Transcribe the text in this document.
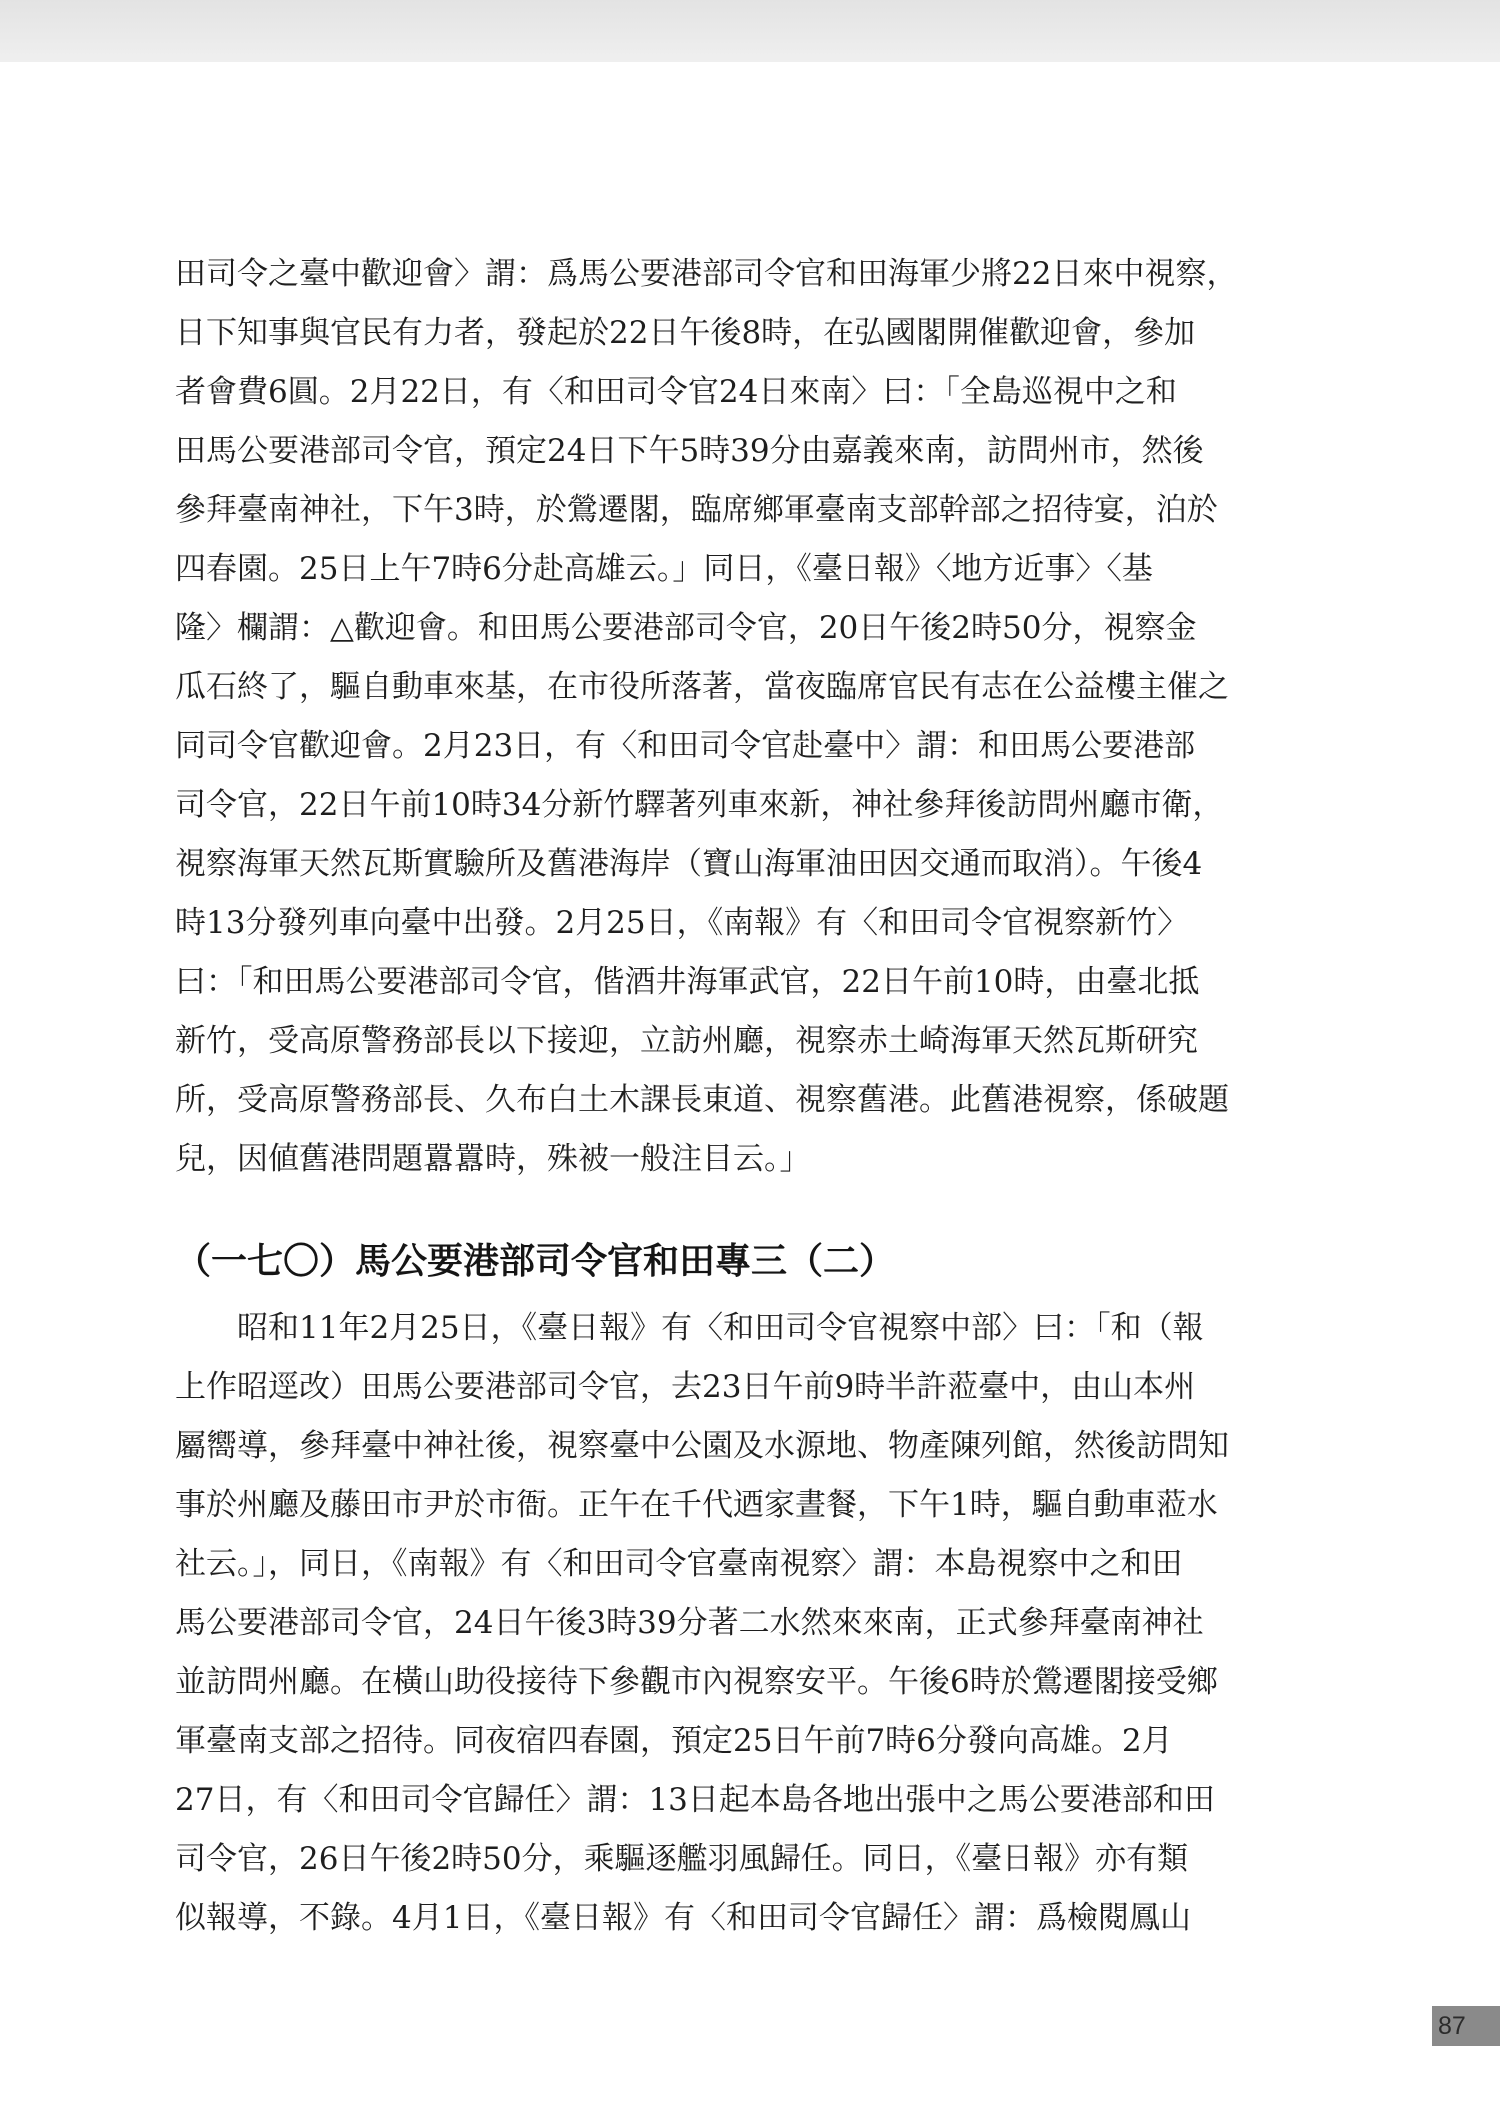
田司令之臺中歡迎會〉謂：爲馬公要港部司令官和田海軍少將22日來中視察，
日下知事與官民有力者，發起於22日午後8時，在弘國閣開催歡迎會，參加
者會費6圓。2月22日，有〈和田司令官24日來南〉曰：「全島巡視中之和
田馬公要港部司令官，預定24日下午5時39分由嘉義來南，訪問州市，然後
參拜臺南神社，下午3時，於鶯遷閣，臨席鄉軍臺南支部幹部之招待宴，泊於
四春園。25日上午7時6分赴高雄云。」同日，《臺日報》〈地方近事〉〈基
隆〉欄謂：△歡迎會。和田馬公要港部司令官，20日午後2時50分，視察金
瓜石終了，驅自動車來基，在市役所落著，當夜臨席官民有志在公益樓主催之
同司令官歡迎會。2月23日，有〈和田司令官赴臺中〉謂：和田馬公要港部
司令官，22日午前10時34分新竹驛著列車來新，神社參拜後訪問州廳市衛，
視察海軍天然瓦斯實驗所及舊港海岸（寶山海軍油田因交通而取消）。午後4
時13分發列車向臺中出發。2月25日，《南報》有〈和田司令官視察新竹〉
曰：「和田馬公要港部司令官，偕酒井海軍武官，22日午前10時，由臺北抵
新竹，受高原警務部長以下接迎，立訪州廳，視察赤土崎海軍天然瓦斯研究
所，受高原警務部長、久布白土木課長東道、視察舊港。此舊港視察，係破題
兒，因値舊港問題囂囂時，殊被一般注目云。」
（一七〇）馬公要港部司令官和田專三（二）
　　昭和11年2月25日，《臺日報》有〈和田司令官視察中部〉曰：「和（報
上作昭逕改）田馬公要港部司令官，去23日午前9時半許蒞臺中，由山本州
屬嚮導，參拜臺中神社後，視察臺中公園及水源地、物產陳列館，然後訪問知
事於州廳及藤田市尹於市衙。正午在千代迺家晝餐，下午1時，驅自動車蒞水
社云。」，同日，《南報》有〈和田司令官臺南視察〉謂：本島視察中之和田
馬公要港部司令官，24日午後3時39分著二水然來來南，正式參拜臺南神社
並訪問州廳。在橫山助役接待下參觀市內視察安平。午後6時於鶯遷閣接受鄉
軍臺南支部之招待。同夜宿四春園，預定25日午前7時6分發向高雄。2月
27日，有〈和田司令官歸任〉謂：13日起本島各地出張中之馬公要港部和田
司令官，26日午後2時50分，乘驅逐艦羽風歸任。同日，《臺日報》亦有類
似報導，不錄。4月1日，《臺日報》有〈和田司令官歸任〉謂：爲檢閱鳳山
87
